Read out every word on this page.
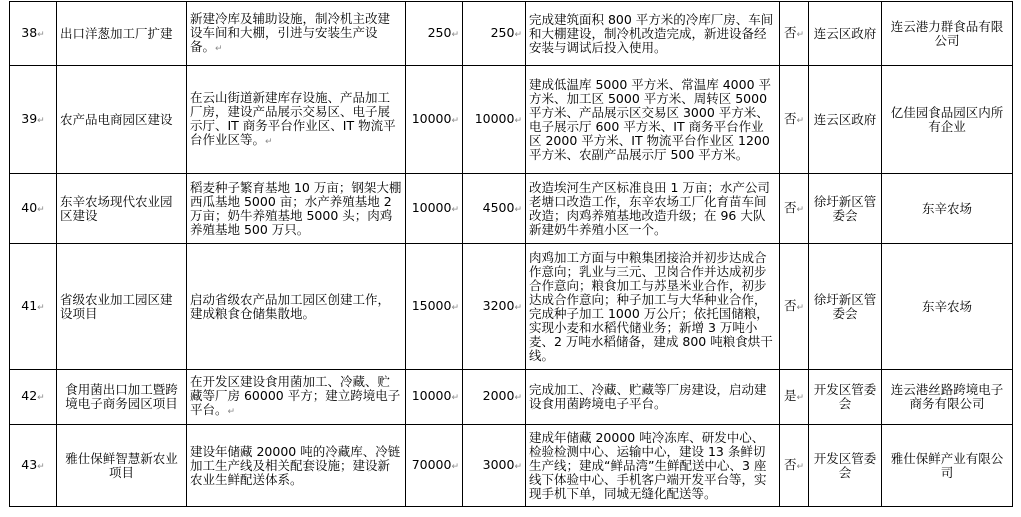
38↵	出口洋葱加工厂扩建	新建冷库及辅助设施，制冷机主改建设车间和大棚，引进与安装生产设备。↵	250↵	250↵	完成建筑面积 800 平方米的冷库厂房、车间和大棚建设，制冷机改造完成，新进设备经安装与调试后投入使用。	否↵	连云区政府	连云港力群食品有限公司
39↵	农产品电商园区建设	在云山街道新建库存设施、产品加工厂房，建设产品展示交易区、电子展示厅、IT 商务平台作业区、IT 物流平台作业区等。↵	10000↵	10000↵	建成低温库 5000 平方米、常温库 4000 平方米、加工区 5000 平方米、周转区 5000 平方米、产品展示区交易区 3000 平方米、电子展示厅 600 平方米、IT 商务平台作业区 2000 平方米、IT 物流平台作业区 1200 平方米、农副产品展示厅 500 平方米。	否↵	连云区政府	亿佳园食品园区内所有企业
40↵	东辛农场现代农业园区建设	稻麦种子繁育基地 10 万亩；钢架大棚西瓜基地 5000 亩；水产养殖基地 2 万亩；奶牛养殖基地 5000 头；肉鸡养殖基地 500 万只。	10000↵	4500↵	改造埃河生产区标准良田 1 万亩；水产公司老塘口改造工作，东辛农场工厂化育苗车间改造；肉鸡养殖基地改造升级；在 96 大队新建奶牛养殖小区一个。	否↵	徐圩新区管委会	东辛农场
41↵	省级农业加工园区建设项目	启动省级农产品加工园区创建工作，建成粮食仓储集散地。	15000↵	3200↵	肉鸡加工方面与中粮集团接洽并初步达成合作意向；乳业与三元、卫岗合作并达成初步合作意向；粮食加工与苏垦米业合作，初步达成合作意向；种子加工与大华种业合作，完成种子加工 1000 万公斤；依托国储粮，实现小麦和水稻代储业务；新增 3 万吨小麦、2 万吨水稻储备，建成 800 吨粮食烘干线。	否↵	徐圩新区管委会	东辛农场
42↵	食用菌出口加工暨跨境电子商务园区项目	在开发区建设食用菌加工、冷藏、贮藏等厂房 60000 平方；建立跨境电子平台。↵	10000↵	2000↵	完成加工、冷藏、贮藏等厂房建设，启动建设食用菌跨境电子平台。	是↵	开发区管委会	连云港丝路跨境电子商务有限公司
43↵	雅仕保鲜智慧新农业项目	建设年储藏 20000 吨的冷藏库、冷链加工生产线及相关配套设施；建设新农业生鲜配送体系。	70000↵	3000↵	建成年储藏 20000 吨冷冻库、研发中心、检验检测中心、运输中心，建设 13 条鲜切生产线；建成“鲜品湾”生鲜配送中心、3 座线下体验中心、手机客户端开发平台等，实现手机下单，同城无缝化配送等。	否↵	开发区管委会	雅仕保鲜产业有限公司
